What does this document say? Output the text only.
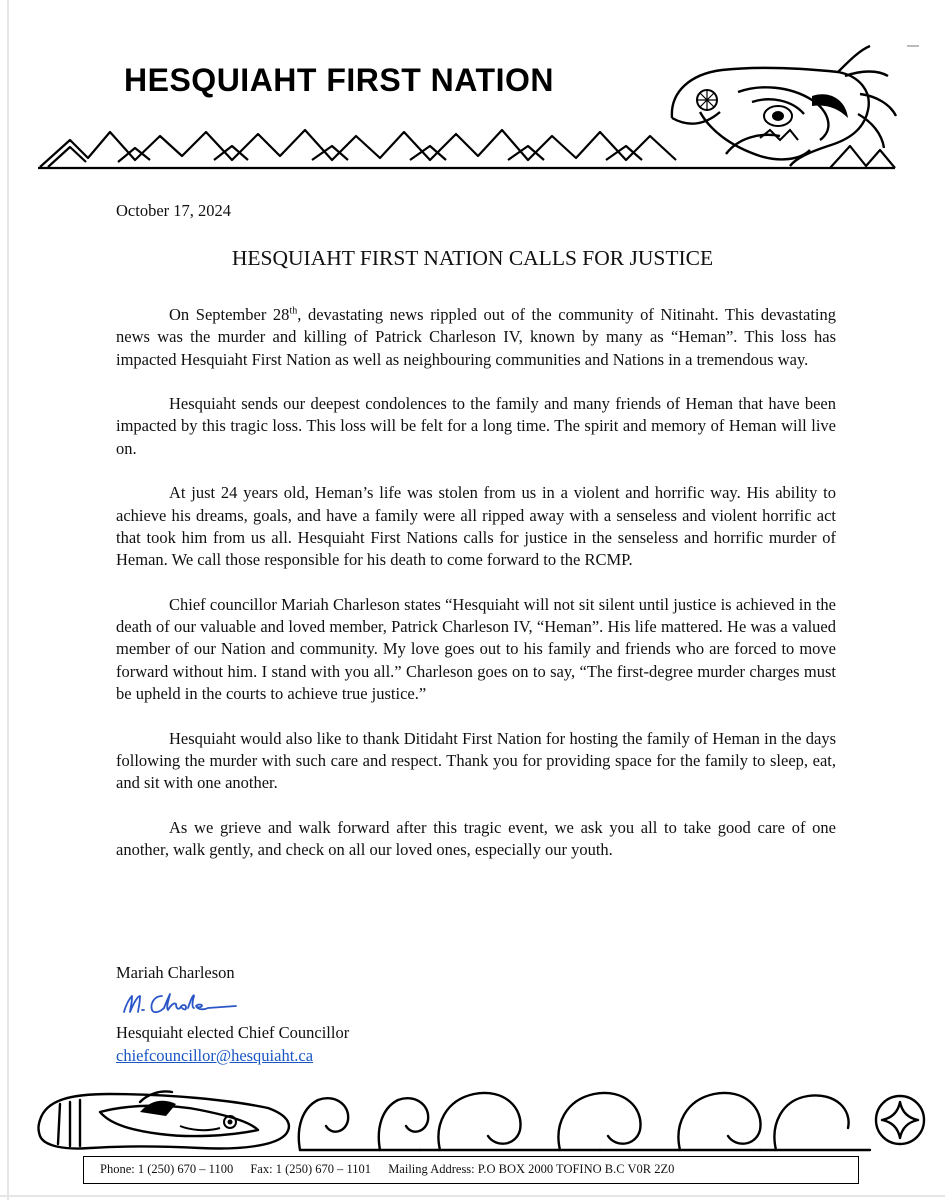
HESQUIAHT FIRST NATION
October 17, 2024
HESQUIAHT FIRST NATION CALLS FOR JUSTICE

On September 28th, devastating news rippled out of the community of Nitinaht. This devastating news was the murder and killing of Patrick Charleson IV, known by many as “Heman”. This loss has impacted Hesquiaht First Nation as well as neighbouring communities and Nations in a tremendous way.

Hesquiaht sends our deepest condolences to the family and many friends of Heman that have been impacted by this tragic loss. This loss will be felt for a long time. The spirit and memory of Heman will live on.

At just 24 years old, Heman’s life was stolen from us in a violent and horrific way. His ability to achieve his dreams, goals, and have a family were all ripped away with a senseless and violent horrific act that took him from us all. Hesquiaht First Nations calls for justice in the senseless and horrific murder of Heman. We call those responsible for his death to come forward to the RCMP.

Chief councillor Mariah Charleson states “Hesquiaht will not sit silent until justice is achieved in the death of our valuable and loved member, Patrick Charleson IV, “Heman”. His life mattered. He was a valued member of our Nation and community. My love goes out to his family and friends who are forced to move forward without him. I stand with you all.” Charleson goes on to say, “The first-degree murder charges must be upheld in the courts to achieve true justice.”

Hesquiaht would also like to thank Ditidaht First Nation for hosting the family of Heman in the days following the murder with such care and respect. Thank you for providing space for the family to sleep, eat, and sit with one another.

As we grieve and walk forward after this tragic event, we ask you all to take good care of one another, walk gently, and check on all our loved ones, especially our youth.

Mariah Charleson
Hesquiaht elected Chief Councillor
chiefcouncillor@hesquiaht.ca
Phone: 1 (250) 670 – 1100 Fax: 1 (250) 670 – 1101 Mailing Address: P.O BOX 2000 TOFINO B.C V0R 2Z0
